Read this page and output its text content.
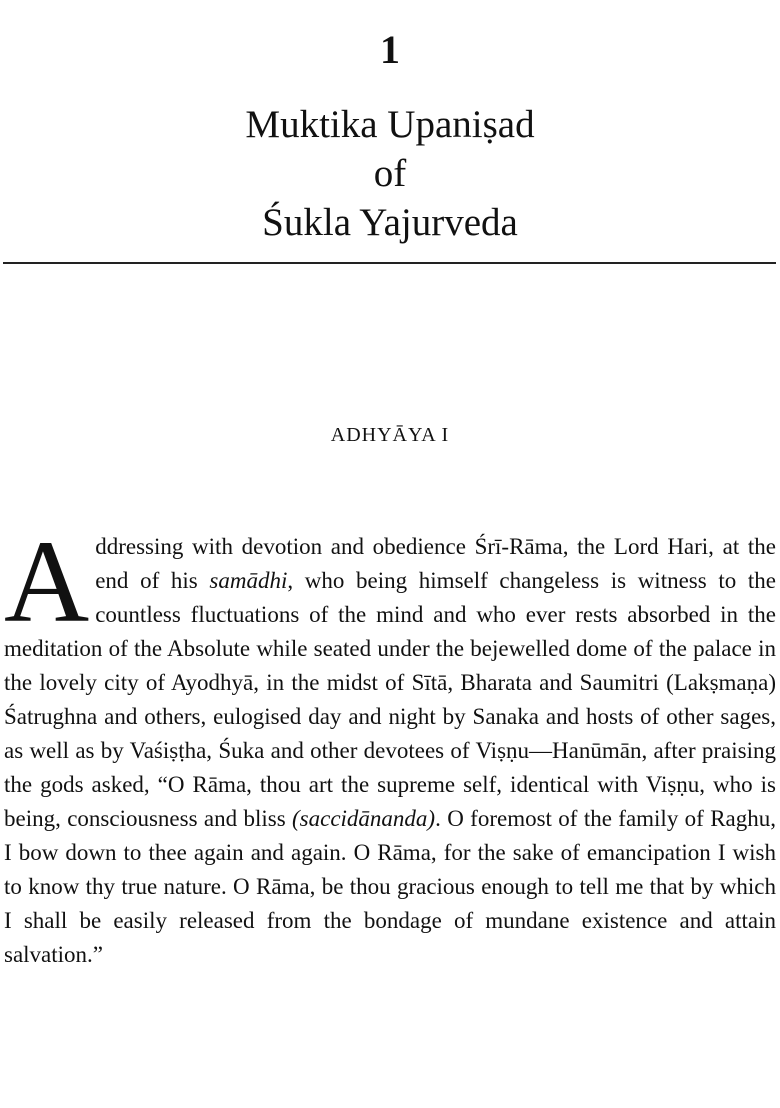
1
Muktika Upaniṣad
of
Śukla Yajurveda
ADHYĀYA I

Addressing with devotion and obedience Śrī-Rāma, the Lord Hari, at the end of his samādhi, who being himself changeless is witness to the countless fluctuations of the mind and who ever rests absorbed in the meditation of the Absolute while seated under the bejewelled dome of the palace in the lovely city of Ayodhyā, in the midst of Sītā, Bharata and Saumitri (Lakṣmaṇa) Śatrughna and others, eulogised day and night by Sanaka and hosts of other sages, as well as by Vaśiṣṭha, Śuka and other devotees of Viṣṇu—Hanūmān, after praising the gods asked, “O Rāma, thou art the supreme self, identical with Viṣṇu, who is being, consciousness and bliss (saccidānanda). O foremost of the family of Raghu, I bow down to thee again and again. O Rāma, for the sake of emancipation I wish to know thy true nature. O Rāma, be thou gracious enough to tell me that by which I shall be easily released from the bondage of mundane existence and attain salvation.”
